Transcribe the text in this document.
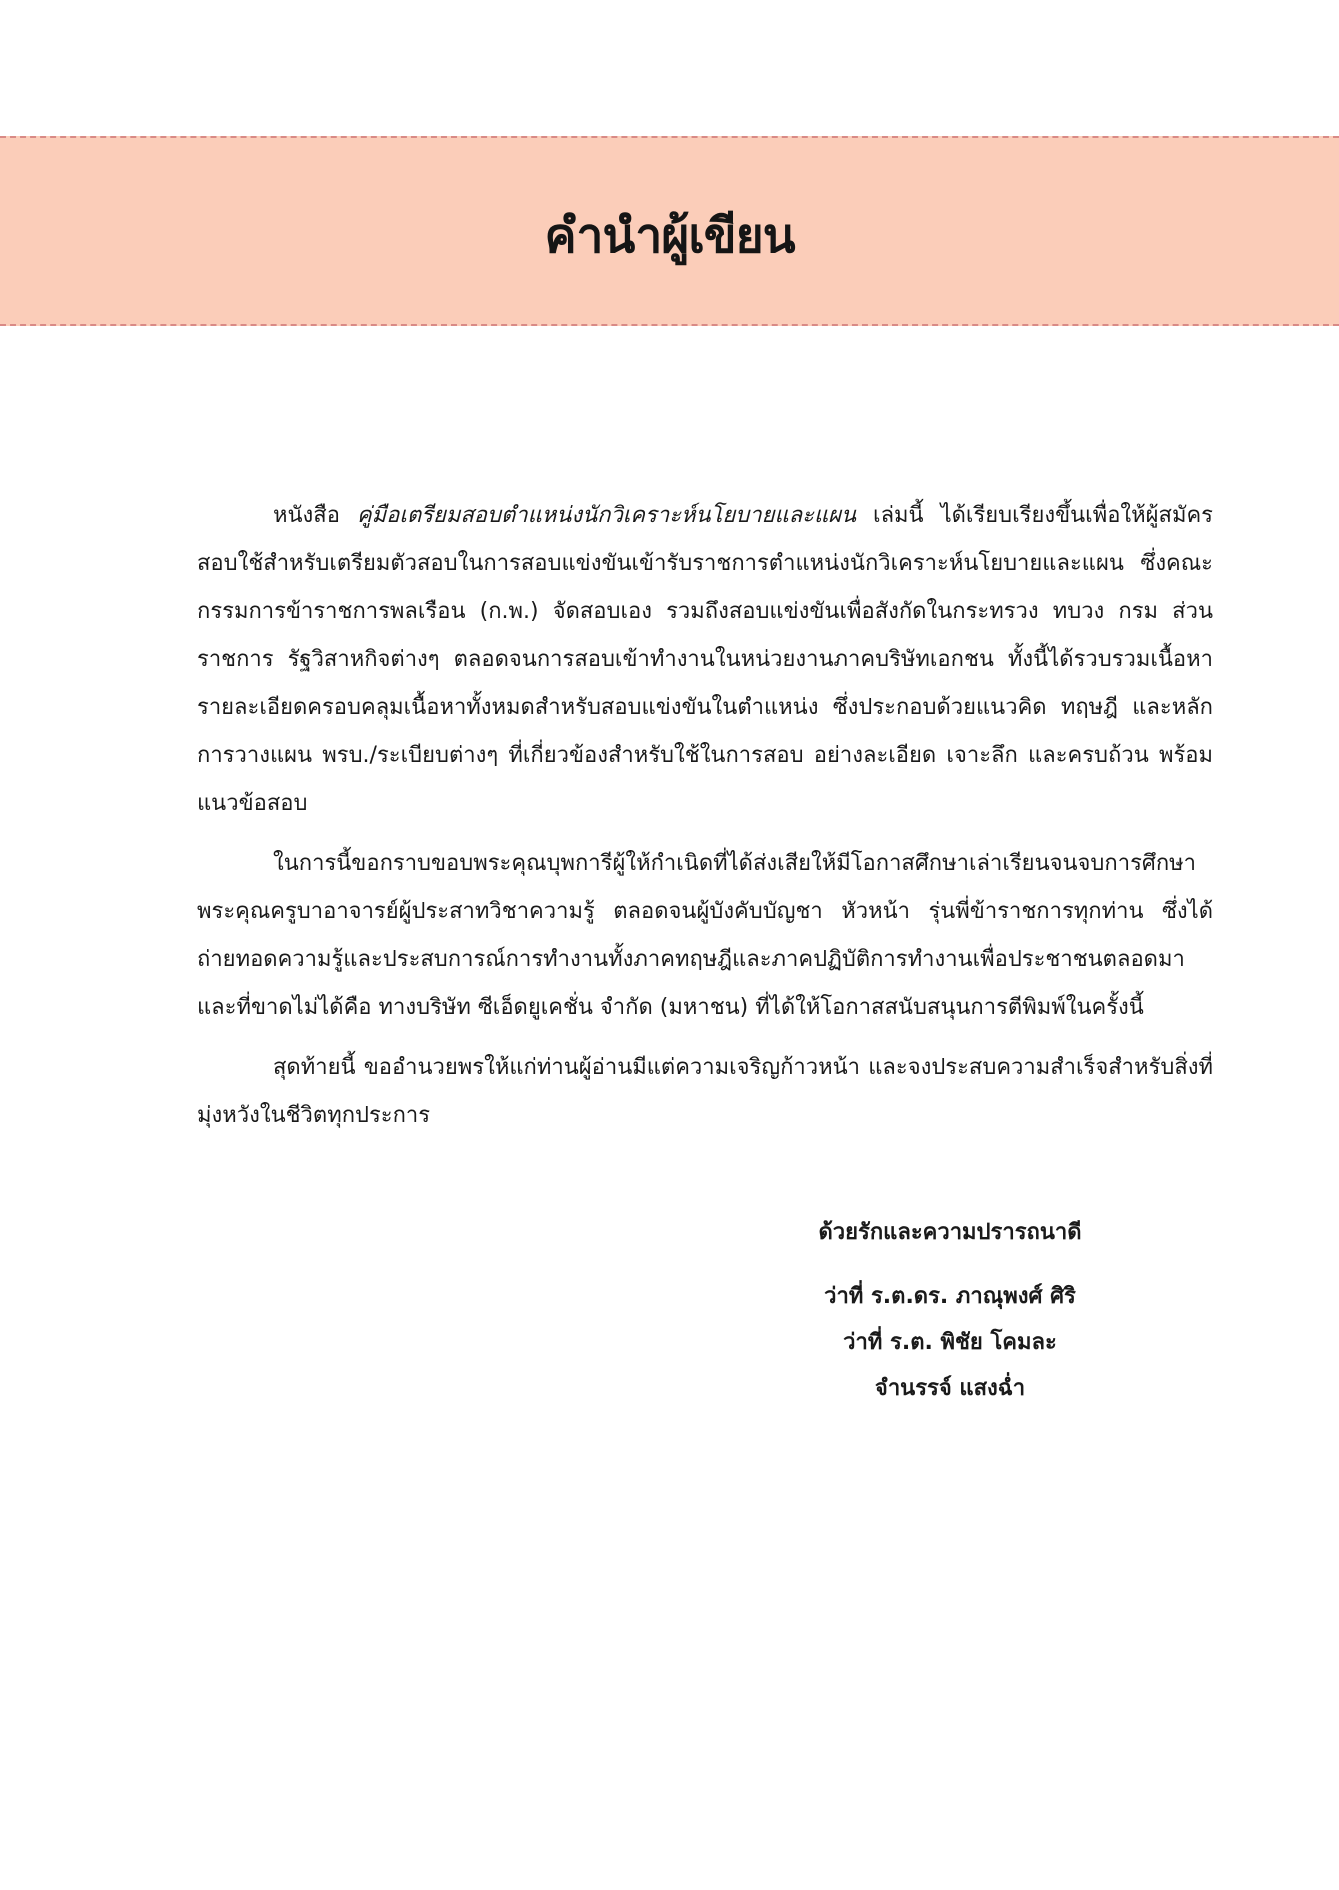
คำนำผู้เขียน

หนังสือ คู่มือเตรียมสอบตำแหน่งนักวิเคราะห์นโยบายและแผน เล่มนี้ ได้เรียบเรียงขึ้นเพื่อให้ผู้สมัครสอบใช้สำหรับเตรียมตัวสอบในการสอบแข่งขันเข้ารับราชการตำแหน่งนักวิเคราะห์นโยบายและแผน ซึ่งคณะกรรมการข้าราชการพลเรือน (ก.พ.) จัดสอบเอง รวมถึงสอบแข่งขันเพื่อสังกัดในกระทรวง ทบวง กรม ส่วนราชการ รัฐวิสาหกิจต่างๆ ตลอดจนการสอบเข้าทำงานในหน่วยงานภาคบริษัทเอกชน ทั้งนี้ได้รวบรวมเนื้อหารายละเอียดครอบคลุมเนื้อหาทั้งหมดสำหรับสอบแข่งขันในตำแหน่ง ซึ่งประกอบด้วยแนวคิด ทฤษฎี และหลักการวางแผน พรบ./ระเบียบต่างๆ ที่เกี่ยวข้องสำหรับใช้ในการสอบ อย่างละเอียด เจาะลึก และครบถ้วน พร้อมแนวข้อสอบ

ในการนี้ขอกราบขอบพระคุณบุพการีผู้ให้กำเนิดที่ได้ส่งเสียให้มีโอกาสศึกษาเล่าเรียนจนจบการศึกษา พระคุณครูบาอาจารย์ผู้ประสาทวิชาความรู้ ตลอดจนผู้บังคับบัญชา หัวหน้า รุ่นพี่ข้าราชการทุกท่าน ซึ่งได้ถ่ายทอดความรู้และประสบการณ์การทำงานทั้งภาคทฤษฎีและภาคปฏิบัติการทำงานเพื่อประชาชนตลอดมา และที่ขาดไม่ได้คือ ทางบริษัท ซีเอ็ดยูเคชั่น จำกัด (มหาชน) ที่ได้ให้โอกาสสนับสนุนการตีพิมพ์ในครั้งนี้

สุดท้ายนี้ ขออำนวยพรให้แก่ท่านผู้อ่านมีแต่ความเจริญก้าวหน้า และจงประสบความสำเร็จสำหรับสิ่งที่มุ่งหวังในชีวิตทุกประการ

ด้วยรักและความปรารถนาดี

ว่าที่ ร.ต.ดร. ภาณุพงศ์ ศิริ

ว่าที่ ร.ต. พิชัย โคมละ

จำนรรจ์ แสงฉ่ำ
